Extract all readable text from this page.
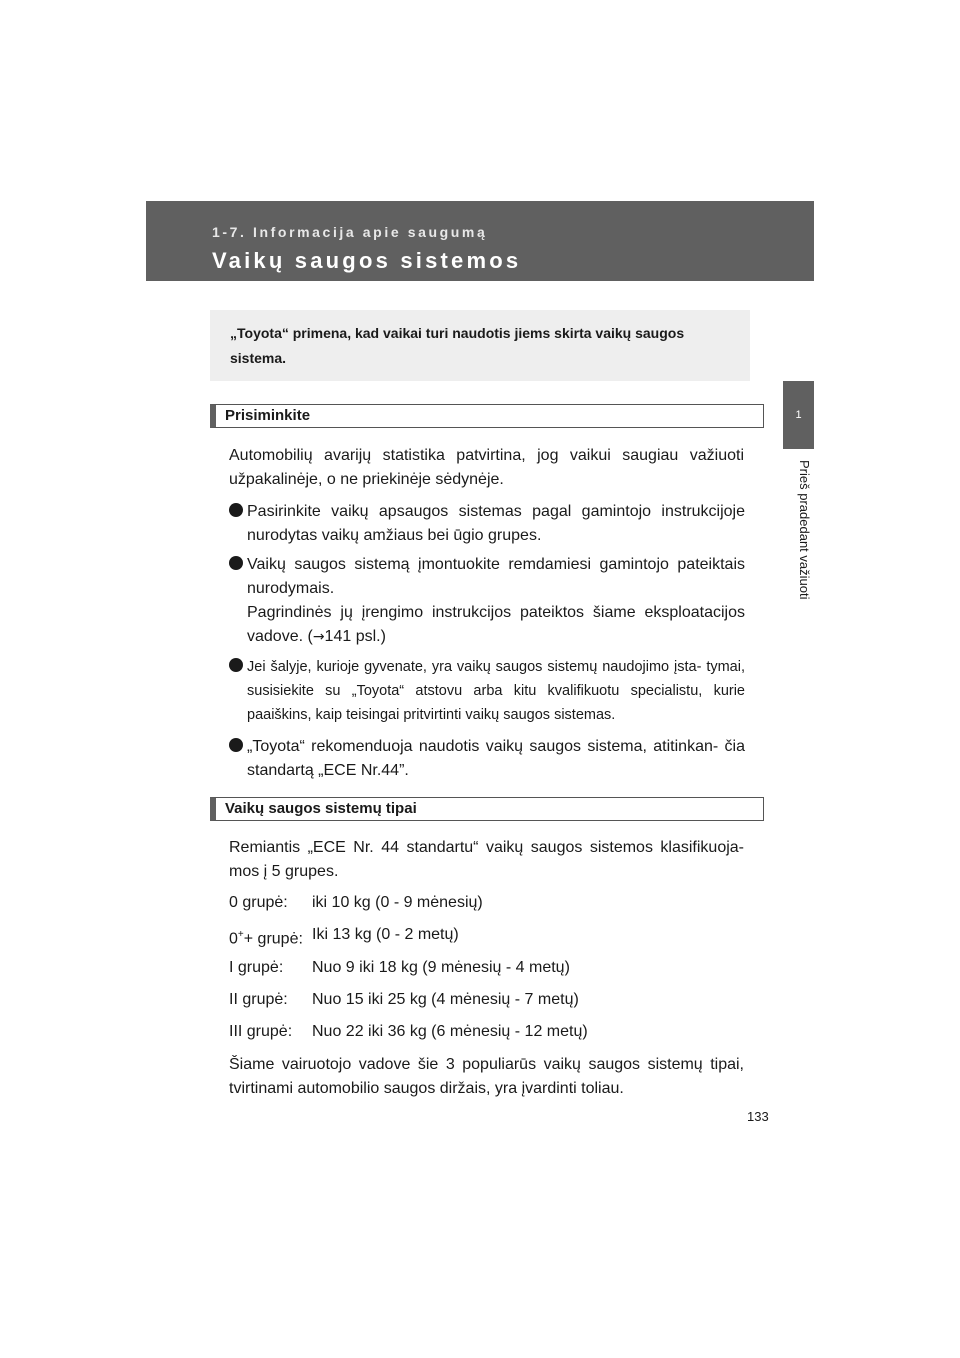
1-7. Informacija apie saugumą
Vaikų saugos sistemos
1
Prieš pradedant važiuoti

„Toyota“ primena, kad vaikai turi naudotis jiems skirta vaikų saugos sistema.

Prisiminkite

Automobilių avarijų statistika patvirtina, jog vaikui saugiau važiuoti užpakalinėje, o ne priekinėje sėdynėje.

Pasirinkite vaikų apsaugos sistemas pagal gamintojo instrukcijoje nurodytas vaikų amžiaus bei ūgio grupes.

Vaikų saugos sistemą įmontuokite remdamiesi gamintojo pateiktais nurodymais.

Pagrindinės jų įrengimo instrukcijos pateiktos šiame eksploatacijos vadove. (→141 psl.)

Jei šalyje, kurioje gyvenate, yra vaikų saugos sistemų naudojimo įsta- tymai, susisiekite su „Toyota“ atstovu arba kitu kvalifikuotu specialistu, kurie paaiškins, kaip teisingai pritvirtinti vaikų saugos sistemas.

„Toyota“ rekomenduoja naudotis vaikų saugos sistema, atitinkan- čia standartą „ECE Nr.44”.

Vaikų saugos sistemų tipai

Remiantis „ECE Nr. 44 standartu“ vaikų saugos sistemos klasifikuoja- mos į 5 grupes.

0 grupė: iki 10 kg (0 - 9 mėnesių)
0++ grupė: Iki 13 kg (0 - 2 metų)
I grupė: Nuo 9 iki 18 kg (9 mėnesių - 4 metų)
II grupė: Nuo 15 iki 25 kg (4 mėnesių - 7 metų)
III grupė: Nuo 22 iki 36 kg (6 mėnesių - 12 metų)

Šiame vairuotojo vadove šie 3 populiarūs vaikų saugos sistemų tipai, tvirtinami automobilio saugos diržais, yra įvardinti toliau.

133
